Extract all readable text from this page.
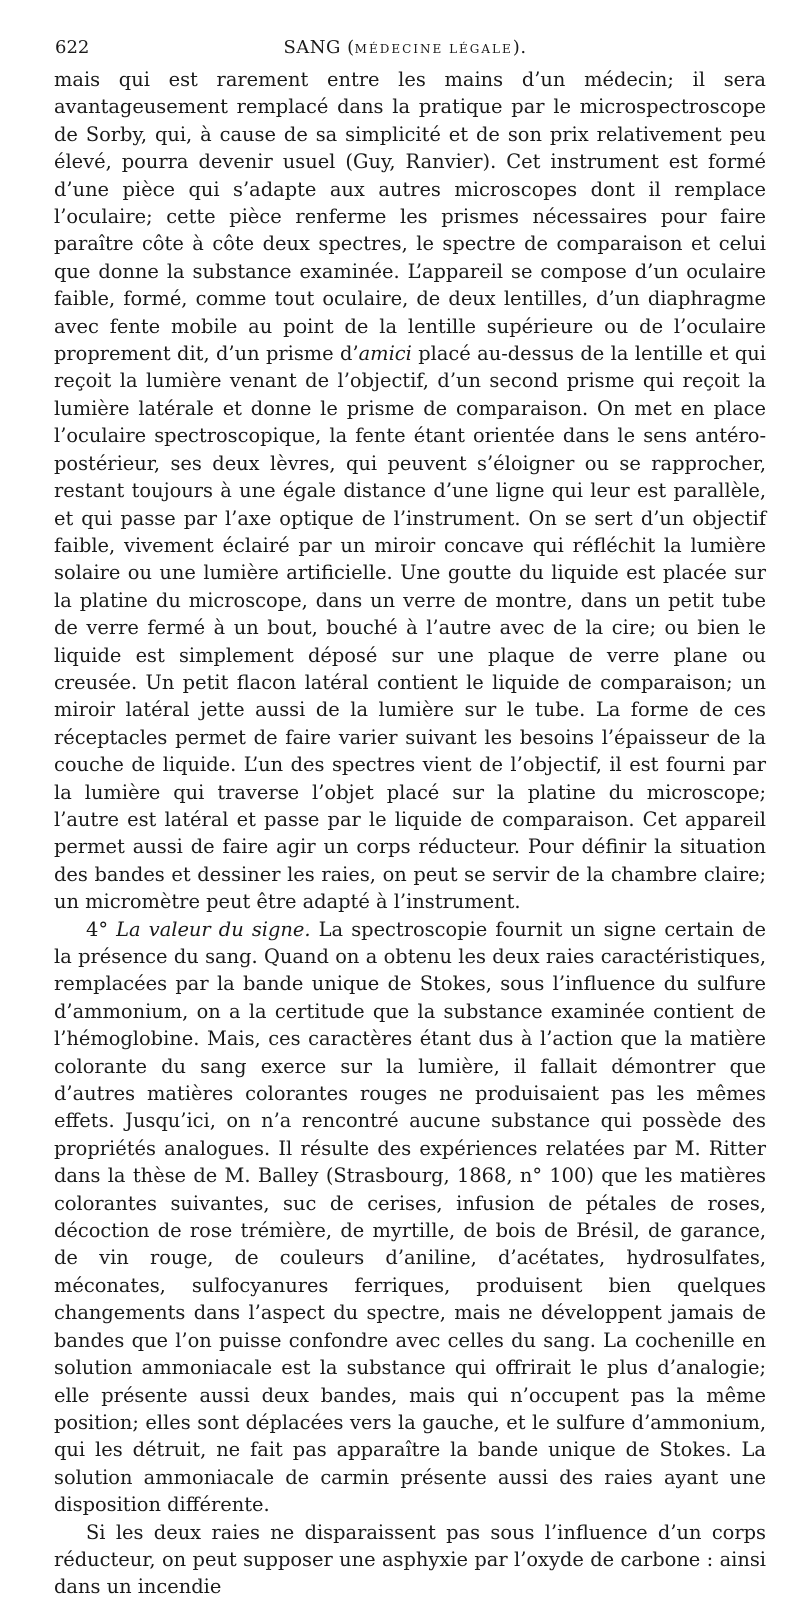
622	SANG (MÉDECINE LÉGALE).

mais qui est rarement entre les mains d’un médecin; il sera avantageusement remplacé dans la pratique par le microspectroscope de Sorby, qui, à cause de sa simplicité et de son prix relativement peu élevé, pourra devenir usuel (Guy, Ranvier). Cet instrument est formé d’une pièce qui s’adapte aux autres microscopes dont il remplace l’oculaire; cette pièce renferme les prismes nécessaires pour faire paraître côte à côte deux spectres, le spectre de comparaison et celui que donne la substance examinée. L’appareil se compose d’un oculaire faible, formé, comme tout oculaire, de deux lentilles, d’un diaphragme avec fente mobile au point de la lentille supérieure ou de l’oculaire proprement dit, d’un prisme d’amici placé au-dessus de la lentille et qui reçoit la lumière venant de l’objectif, d’un second prisme qui reçoit la lumière latérale et donne le prisme de comparaison. On met en place l’oculaire spectroscopique, la fente étant orientée dans le sens antéro-postérieur, ses deux lèvres, qui peuvent s’éloigner ou se rapprocher, restant toujours à une égale distance d’une ligne qui leur est parallèle, et qui passe par l’axe optique de l’instrument. On se sert d’un objectif faible, vivement éclairé par un miroir concave qui réfléchit la lumière solaire ou une lumière artificielle. Une goutte du liquide est placée sur la platine du microscope, dans un verre de montre, dans un petit tube de verre fermé à un bout, bouché à l’autre avec de la cire; ou bien le liquide est simplement déposé sur une plaque de verre plane ou creusée. Un petit flacon latéral contient le liquide de comparaison; un miroir latéral jette aussi de la lumière sur le tube. La forme de ces réceptacles permet de faire varier suivant les besoins l’épaisseur de la couche de liquide. L’un des spectres vient de l’objectif, il est fourni par la lumière qui traverse l’objet placé sur la platine du microscope; l’autre est latéral et passe par le liquide de comparaison. Cet appareil permet aussi de faire agir un corps réducteur. Pour définir la situation des bandes et dessiner les raies, on peut se servir de la chambre claire; un micromètre peut être adapté à l’instrument.

4° La valeur du signe. La spectroscopie fournit un signe certain de la présence du sang. Quand on a obtenu les deux raies caractéristiques, remplacées par la bande unique de Stokes, sous l’influence du sulfure d’ammonium, on a la certitude que la substance examinée contient de l’hémoglobine. Mais, ces caractères étant dus à l’action que la matière colorante du sang exerce sur la lumière, il fallait démontrer que d’autres matières colorantes rouges ne produisaient pas les mêmes effets. Jusqu’ici, on n’a rencontré aucune substance qui possède des propriétés analogues. Il résulte des expériences relatées par M. Ritter dans la thèse de M. Balley (Strasbourg, 1868, n° 100) que les matières colorantes suivantes, suc de cerises, infusion de pétales de roses, décoction de rose trémière, de myrtille, de bois de Brésil, de garance, de vin rouge, de couleurs d’aniline, d’acétates, hydrosulfates, méconates, sulfocyanures ferriques, produisent bien quelques changements dans l’aspect du spectre, mais ne développent jamais de bandes que l’on puisse confondre avec celles du sang. La cochenille en solution ammoniacale est la substance qui offrirait le plus d’analogie; elle présente aussi deux bandes, mais qui n’occupent pas la même position; elles sont déplacées vers la gauche, et le sulfure d’ammonium, qui les détruit, ne fait pas apparaître la bande unique de Stokes. La solution ammoniacale de carmin présente aussi des raies ayant une disposition différente.

Si les deux raies ne disparaissent pas sous l’influence d’un corps réducteur, on peut supposer une asphyxie par l’oxyde de carbone : ainsi dans un incendie
